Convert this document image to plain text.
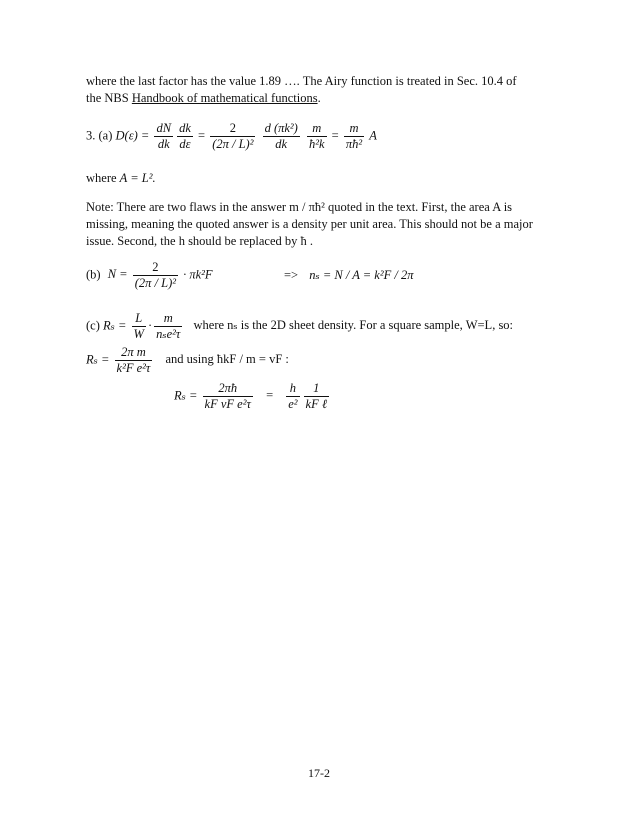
where the last factor has the value 1.89 …. The Airy function is treated in Sec. 10.4 of
the NBS Handbook of mathematical functions.

3. (a) $D(\varepsilon) = \frac{dN}{dk} \frac{dk}{d\varepsilon} = \frac{2}{\text{(2π / L)²}}$
$\frac{\text{d (πk²)}}{dk}$
$\frac{m}{\text{ħ²k}} = \frac{m}{\text{πħ²}}$ A

where A = L².

Note: There are two flaws in the answer m / πħ² quoted in the text. First, the area A is
missing, meaning the quoted answer is a density per unit area. This should not be a major
issue. Second, the h should be replaced by ħ .

(b) $N = \frac{2}{\text{(2π / L)²}} \cdot \pi k^2F$	=> nₛ = N / A = k²F / 2π
(c) $R_s = \frac{L}{W} \cdot \frac{m}{\text{nₛe²τ}}$ where nₛ is the 2D sheet density. For a square sample, W=L, so:
$R_s = \frac{\text{2π m}}{\text{k²F e²τ}}$ and using ħkF / m = vF :
$R_s = \frac{2\pi ħ}{\text{kF vF e²τ}} = \frac{h}{\text{e²}} \frac{1}{\text{kF ℓ}}$
17-2
